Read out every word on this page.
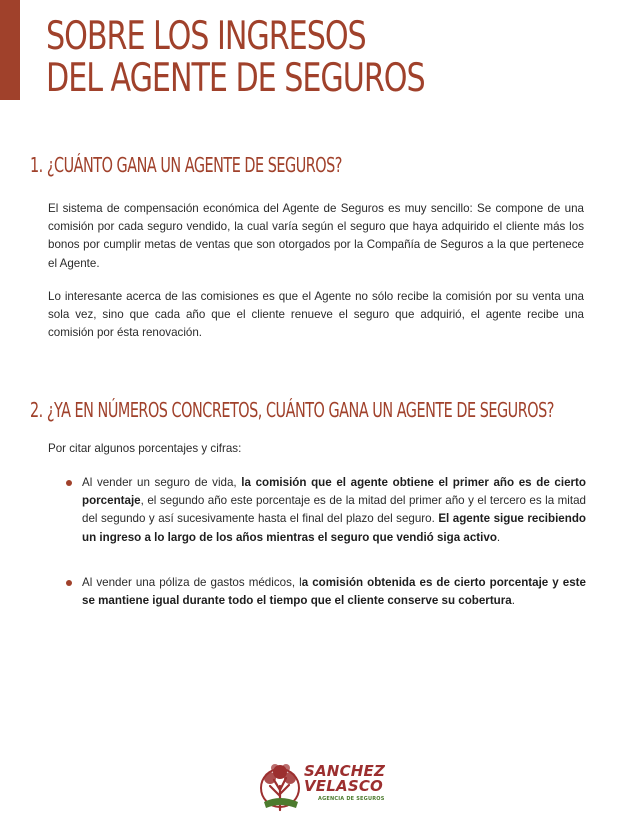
SOBRE LOS INGRESOS
DEL AGENTE DE SEGUROS
1. ¿CUÁNTO GANA UN AGENTE DE SEGUROS?

El sistema de compensación económica del Agente de Seguros es muy sencillo: Se compone de una comisión por cada seguro vendido, la cual varía según el seguro que haya adquirido el cliente más los bonos por cumplir metas de ventas que son otorgados por la Compañía de Seguros a la que pertenece el Agente.

Lo interesante acerca de las comisiones es que el Agente no sólo recibe la comisión por su venta una sola vez, sino que cada año que el cliente renueve el seguro que adquirió, el agente recibe una comisión por ésta renovación.

2. ¿YA EN NÚMEROS CONCRETOS, CUÁNTO GANA UN AGENTE DE SEGUROS?

Por citar algunos porcentajes y cifras:

Al vender un seguro de vida, la comisión que el agente obtiene el primer año es de cierto porcentaje, el segundo año este porcentaje es de la mitad del primer año y el tercero es la mitad del segundo y así sucesivamente hasta el final del plazo del seguro. El agente sigue recibiendo un ingreso a lo largo de los años mientras el seguro que vendió siga activo.
Al vender una póliza de gastos médicos, la comisión obtenida es de cierto porcentaje y este se mantiene igual durante todo el tiempo que el cliente conserve su cobertura.
SANCHEZ
VELASCO
AGENCIA DE SEGUROS
